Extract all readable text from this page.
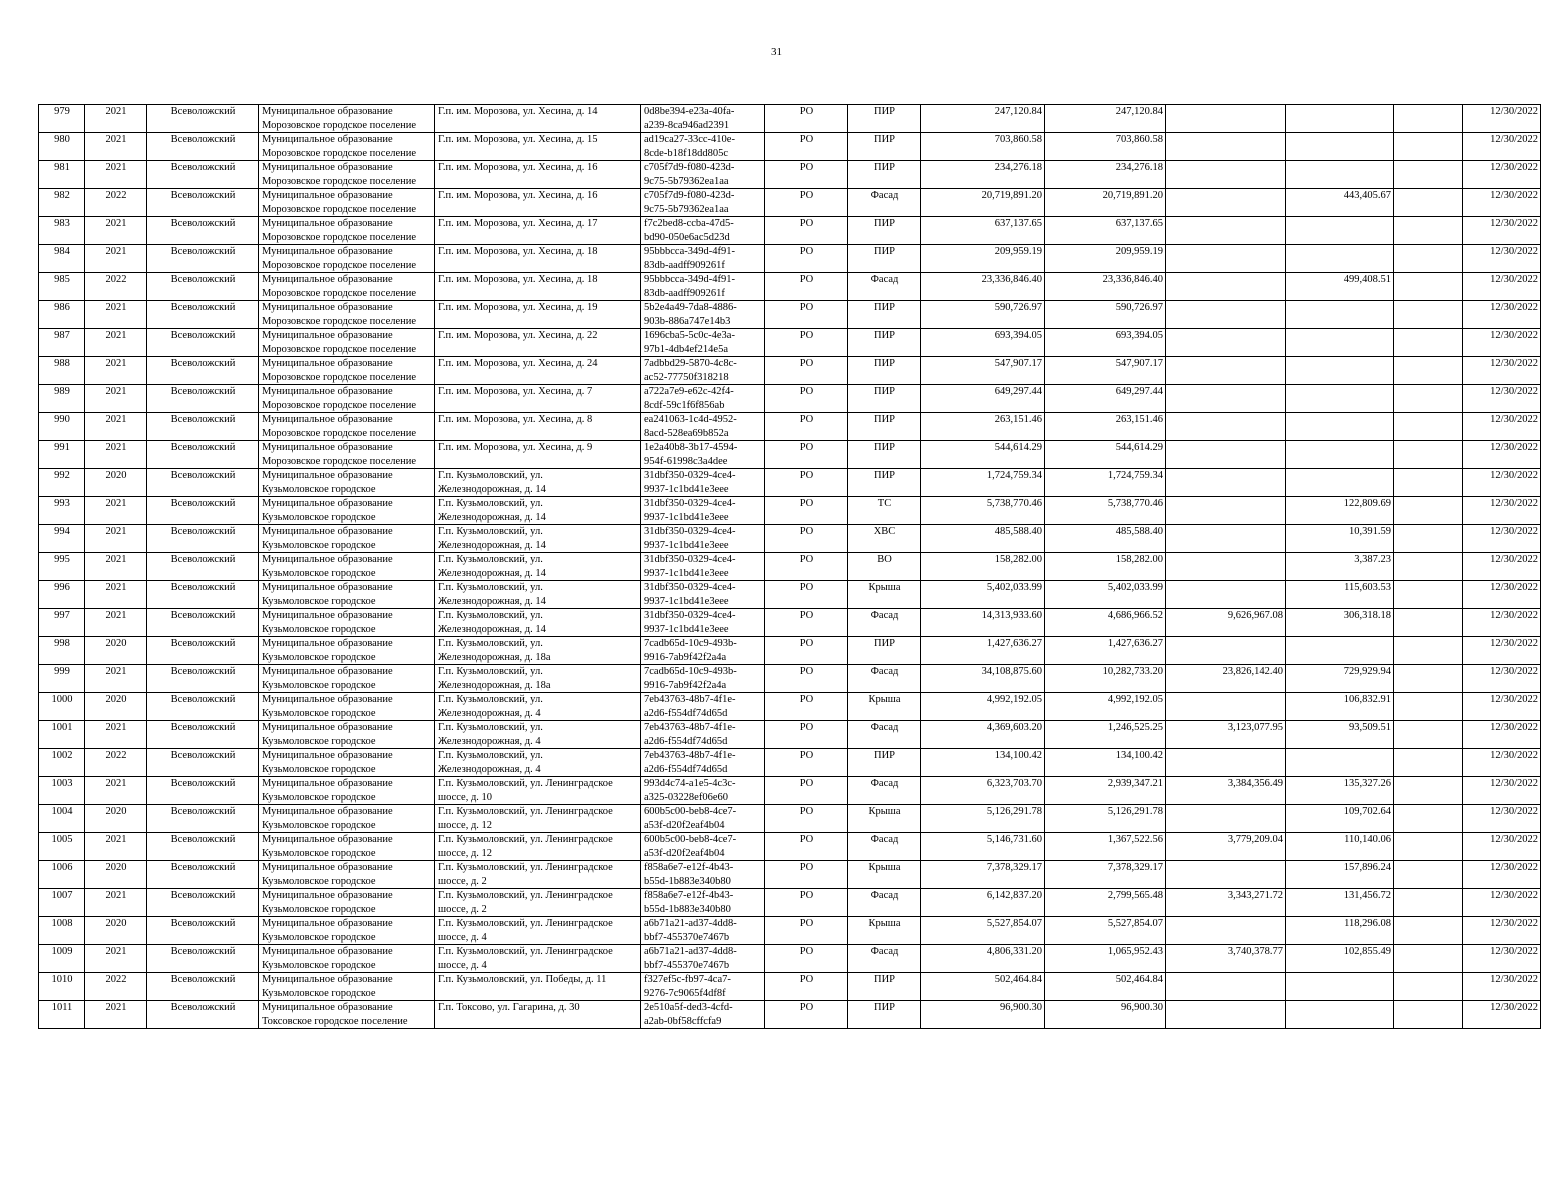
31
979	2021	Всеволожский	Муниципальное образование
Морозовское городское поселение	Г.п. им. Морозова, ул. Хесина, д. 14	0d8be394-e23a-40fa-
a239-8ca946ad2391	РО	ПИР	247,120.84	247,120.84				12/30/2022
980	2021	Всеволожский	Муниципальное образование
Морозовское городское поселение	Г.п. им. Морозова, ул. Хесина, д. 15	ad19ca27-33cc-410e-
8cde-b18f18dd805c	РО	ПИР	703,860.58	703,860.58				12/30/2022
981	2021	Всеволожский	Муниципальное образование
Морозовское городское поселение	Г.п. им. Морозова, ул. Хесина, д. 16	c705f7d9-f080-423d-
9c75-5b79362ea1aa	РО	ПИР	234,276.18	234,276.18				12/30/2022
982	2022	Всеволожский	Муниципальное образование
Морозовское городское поселение	Г.п. им. Морозова, ул. Хесина, д. 16	c705f7d9-f080-423d-
9c75-5b79362ea1aa	РО	Фасад	20,719,891.20	20,719,891.20		443,405.67		12/30/2022
983	2021	Всеволожский	Муниципальное образование
Морозовское городское поселение	Г.п. им. Морозова, ул. Хесина, д. 17	f7c2bed8-ccba-47d5-
bd90-050e6ac5d23d	РО	ПИР	637,137.65	637,137.65				12/30/2022
984	2021	Всеволожский	Муниципальное образование
Морозовское городское поселение	Г.п. им. Морозова, ул. Хесина, д. 18	95bbbcca-349d-4f91-
83db-aadff909261f	РО	ПИР	209,959.19	209,959.19				12/30/2022
985	2022	Всеволожский	Муниципальное образование
Морозовское городское поселение	Г.п. им. Морозова, ул. Хесина, д. 18	95bbbcca-349d-4f91-
83db-aadff909261f	РО	Фасад	23,336,846.40	23,336,846.40		499,408.51		12/30/2022
986	2021	Всеволожский	Муниципальное образование
Морозовское городское поселение	Г.п. им. Морозова, ул. Хесина, д. 19	5b2e4a49-7da8-4886-
903b-886a747e14b3	РО	ПИР	590,726.97	590,726.97				12/30/2022
987	2021	Всеволожский	Муниципальное образование
Морозовское городское поселение	Г.п. им. Морозова, ул. Хесина, д. 22	1696cba5-5c0c-4e3a-
97b1-4db4ef214e5a	РО	ПИР	693,394.05	693,394.05				12/30/2022
988	2021	Всеволожский	Муниципальное образование
Морозовское городское поселение	Г.п. им. Морозова, ул. Хесина, д. 24	7adbbd29-5870-4c8c-
ac52-77750f318218	РО	ПИР	547,907.17	547,907.17				12/30/2022
989	2021	Всеволожский	Муниципальное образование
Морозовское городское поселение	Г.п. им. Морозова, ул. Хесина, д. 7	a722a7e9-e62c-42f4-
8cdf-59c1f6f856ab	РО	ПИР	649,297.44	649,297.44				12/30/2022
990	2021	Всеволожский	Муниципальное образование
Морозовское городское поселение	Г.п. им. Морозова, ул. Хесина, д. 8	ea241063-1c4d-4952-
8acd-528ea69b852a	РО	ПИР	263,151.46	263,151.46				12/30/2022
991	2021	Всеволожский	Муниципальное образование
Морозовское городское поселение	Г.п. им. Морозова, ул. Хесина, д. 9	1e2a40b8-3b17-4594-
954f-61998c3a4dee	РО	ПИР	544,614.29	544,614.29				12/30/2022
992	2020	Всеволожский	Муниципальное образование
Кузьмоловское городское	Г.п. Кузьмоловский, ул.
Железнодорожная, д. 14	31dbf350-0329-4ce4-
9937-1c1bd41e3eee	РО	ПИР	1,724,759.34	1,724,759.34				12/30/2022
993	2021	Всеволожский	Муниципальное образование
Кузьмоловское городское	Г.п. Кузьмоловский, ул.
Железнодорожная, д. 14	31dbf350-0329-4ce4-
9937-1c1bd41e3eee	РО	ТС	5,738,770.46	5,738,770.46		122,809.69		12/30/2022
994	2021	Всеволожский	Муниципальное образование
Кузьмоловское городское	Г.п. Кузьмоловский, ул.
Железнодорожная, д. 14	31dbf350-0329-4ce4-
9937-1c1bd41e3eee	РО	ХВС	485,588.40	485,588.40		10,391.59		12/30/2022
995	2021	Всеволожский	Муниципальное образование
Кузьмоловское городское	Г.п. Кузьмоловский, ул.
Железнодорожная, д. 14	31dbf350-0329-4ce4-
9937-1c1bd41e3eee	РО	ВО	158,282.00	158,282.00		3,387.23		12/30/2022
996	2021	Всеволожский	Муниципальное образование
Кузьмоловское городское	Г.п. Кузьмоловский, ул.
Железнодорожная, д. 14	31dbf350-0329-4ce4-
9937-1c1bd41e3eee	РО	Крыша	5,402,033.99	5,402,033.99		115,603.53		12/30/2022
997	2021	Всеволожский	Муниципальное образование
Кузьмоловское городское	Г.п. Кузьмоловский, ул.
Железнодорожная, д. 14	31dbf350-0329-4ce4-
9937-1c1bd41e3eee	РО	Фасад	14,313,933.60	4,686,966.52	9,626,967.08	306,318.18		12/30/2022
998	2020	Всеволожский	Муниципальное образование
Кузьмоловское городское	Г.п. Кузьмоловский, ул.
Железнодорожная, д. 18а	7cadb65d-10c9-493b-
9916-7ab9f42f2a4a	РО	ПИР	1,427,636.27	1,427,636.27				12/30/2022
999	2021	Всеволожский	Муниципальное образование
Кузьмоловское городское	Г.п. Кузьмоловский, ул.
Железнодорожная, д. 18а	7cadb65d-10c9-493b-
9916-7ab9f42f2a4a	РО	Фасад	34,108,875.60	10,282,733.20	23,826,142.40	729,929.94		12/30/2022
1000	2020	Всеволожский	Муниципальное образование
Кузьмоловское городское	Г.п. Кузьмоловский, ул.
Железнодорожная, д. 4	7eb43763-48b7-4f1e-
a2d6-f554df74d65d	РО	Крыша	4,992,192.05	4,992,192.05		106,832.91		12/30/2022
1001	2021	Всеволожский	Муниципальное образование
Кузьмоловское городское	Г.п. Кузьмоловский, ул.
Железнодорожная, д. 4	7eb43763-48b7-4f1e-
a2d6-f554df74d65d	РО	Фасад	4,369,603.20	1,246,525.25	3,123,077.95	93,509.51		12/30/2022
1002	2022	Всеволожский	Муниципальное образование
Кузьмоловское городское	Г.п. Кузьмоловский, ул.
Железнодорожная, д. 4	7eb43763-48b7-4f1e-
a2d6-f554df74d65d	РО	ПИР	134,100.42	134,100.42				12/30/2022
1003	2021	Всеволожский	Муниципальное образование
Кузьмоловское городское	Г.п. Кузьмоловский, ул. Ленинградское
шоссе, д. 10	993d4c74-a1e5-4c3c-
a325-03228ef06e60	РО	Фасад	6,323,703.70	2,939,347.21	3,384,356.49	135,327.26		12/30/2022
1004	2020	Всеволожский	Муниципальное образование
Кузьмоловское городское	Г.п. Кузьмоловский, ул. Ленинградское
шоссе, д. 12	600b5c00-beb8-4ce7-
a53f-d20f2eaf4b04	РО	Крыша	5,126,291.78	5,126,291.78		109,702.64		12/30/2022
1005	2021	Всеволожский	Муниципальное образование
Кузьмоловское городское	Г.п. Кузьмоловский, ул. Ленинградское
шоссе, д. 12	600b5c00-beb8-4ce7-
a53f-d20f2eaf4b04	РО	Фасад	5,146,731.60	1,367,522.56	3,779,209.04	110,140.06		12/30/2022
1006	2020	Всеволожский	Муниципальное образование
Кузьмоловское городское	Г.п. Кузьмоловский, ул. Ленинградское
шоссе, д. 2	f858a6e7-e12f-4b43-
b55d-1b883e340b80	РО	Крыша	7,378,329.17	7,378,329.17		157,896.24		12/30/2022
1007	2021	Всеволожский	Муниципальное образование
Кузьмоловское городское	Г.п. Кузьмоловский, ул. Ленинградское
шоссе, д. 2	f858a6e7-e12f-4b43-
b55d-1b883e340b80	РО	Фасад	6,142,837.20	2,799,565.48	3,343,271.72	131,456.72		12/30/2022
1008	2020	Всеволожский	Муниципальное образование
Кузьмоловское городское	Г.п. Кузьмоловский, ул. Ленинградское
шоссе, д. 4	a6b71a21-ad37-4dd8-
bbf7-455370e7467b	РО	Крыша	5,527,854.07	5,527,854.07		118,296.08		12/30/2022
1009	2021	Всеволожский	Муниципальное образование
Кузьмоловское городское	Г.п. Кузьмоловский, ул. Ленинградское
шоссе, д. 4	a6b71a21-ad37-4dd8-
bbf7-455370e7467b	РО	Фасад	4,806,331.20	1,065,952.43	3,740,378.77	102,855.49		12/30/2022
1010	2022	Всеволожский	Муниципальное образование
Кузьмоловское городское	Г.п. Кузьмоловский, ул. Победы, д. 11	f327ef5c-fb97-4ca7-
9276-7c9065f4df8f	РО	ПИР	502,464.84	502,464.84				12/30/2022
1011	2021	Всеволожский	Муниципальное образование
Токсовское городское поселение	Г.п. Токсово, ул. Гагарина, д. 30	2e510a5f-ded3-4cfd-
a2ab-0bf58cffcfa9	РО	ПИР	96,900.30	96,900.30				12/30/2022
